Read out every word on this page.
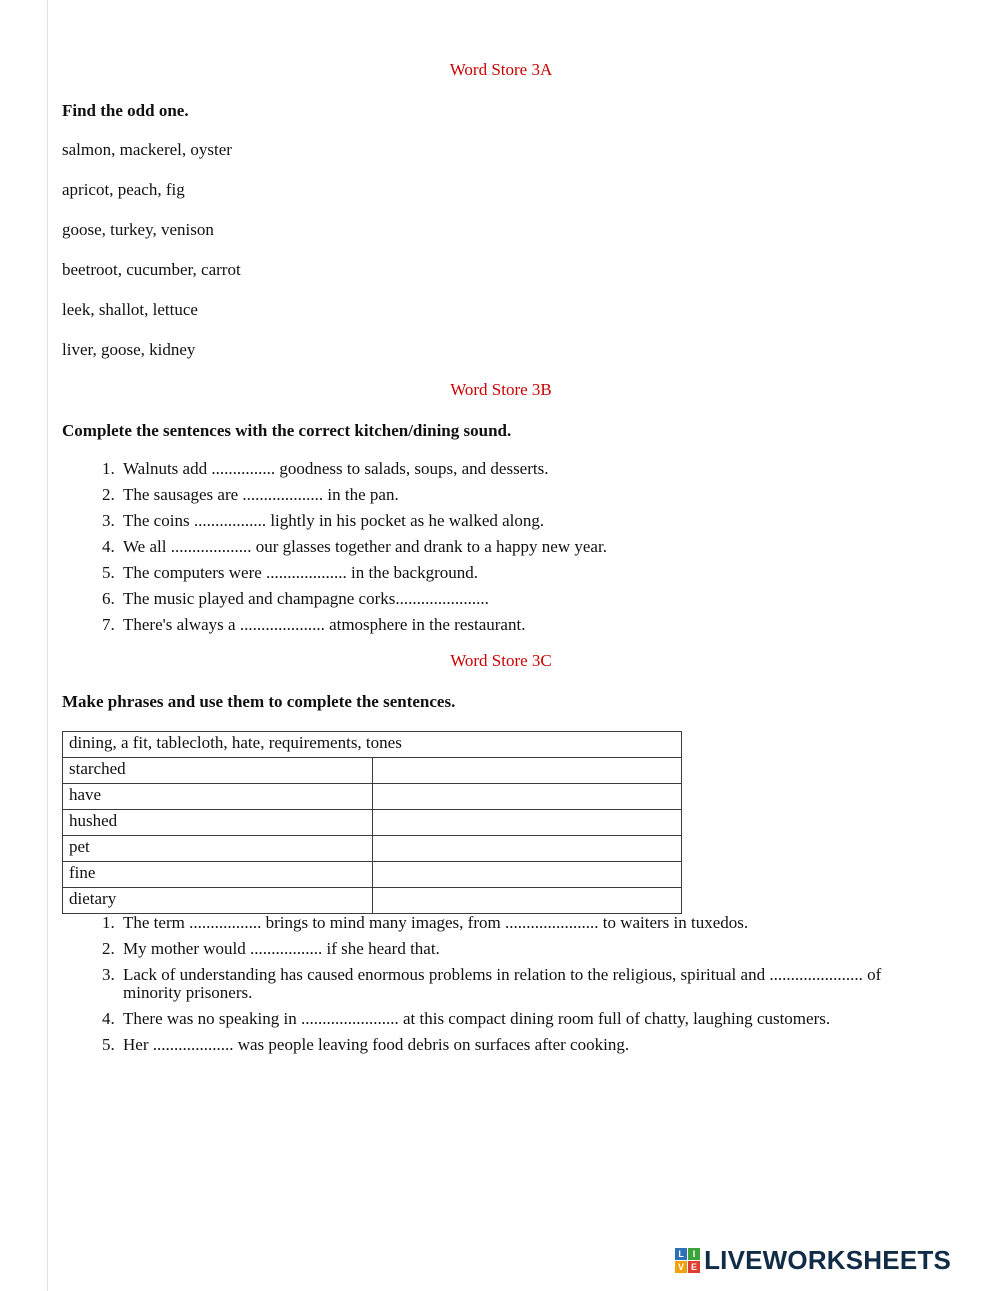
Word Store 3A

Find the odd one.

salmon, mackerel, oyster

apricot, peach, fig

goose, turkey, venison

beetroot, cucumber, carrot

leek, shallot, lettuce

liver, goose, kidney

Word Store 3B

Complete the sentences with the correct kitchen/dining sound.

1. Walnuts add ............... goodness to salads, soups, and desserts.
2. The sausages are ................... in the pan.
3. The coins ................. lightly in his pocket as he walked along.
4. We all ................... our glasses together and drank to a happy new year.
5. The computers were ................... in the background.
6. The music played and champagne corks......................
7. There's always a .................... atmosphere in the restaurant.
Word Store 3C

Make phrases and use them to complete the sentences.

dining, a fit, tablecloth, hate, requirements, tones	
starched	
have	
hushed	
pet	
fine	
dietary	
1. The term ................. brings to mind many images, from ...................... to waiters in tuxedos.
2. My mother would ................. if she heard that.
3. Lack of understanding has caused enormous problems in relation to the religious, spiritual and ...................... of minority prisoners.
4. There was no speaking in ....................... at this compact dining room full of chatty, laughing customers.
5. Her ................... was people leaving food debris on surfaces after cooking.
L I
V E LIVEWORKSHEETS
